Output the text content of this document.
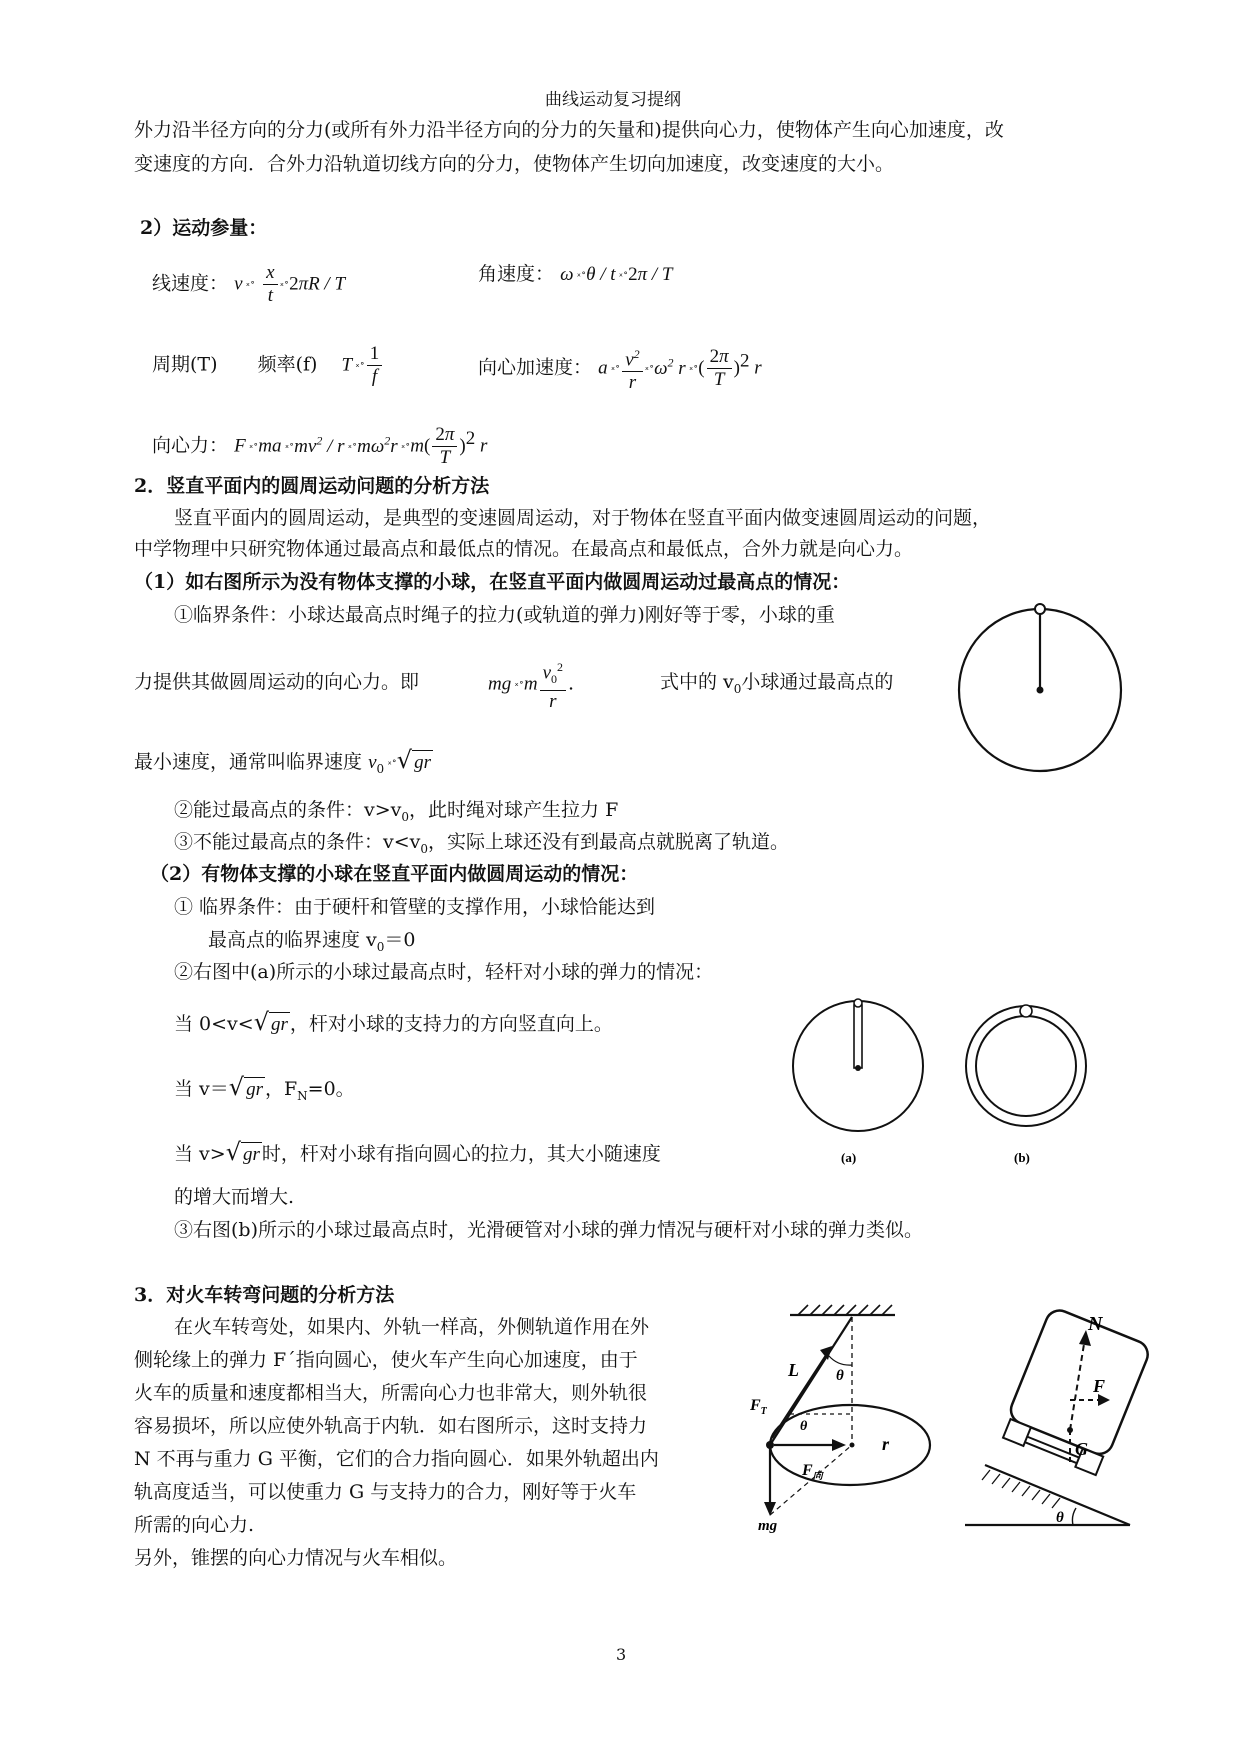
曲线运动复习提纲
外力沿半径方向的分力(或所有外力沿半径方向的分力的矢量和)提供向心力，使物体产生向心加速度，改
变速度的方向．合外力沿轨道切线方向的分力，使物体产生切向加速度，改变速度的大小。
2）运动参量：
线速度： v ˣ˚ $\frac{x}{t}$ ˣ˚2πR / T	角速度： ω ˣ˚θ / t ˣ˚2π / T
周期(T) 频率(f) T ˣ˚ $\frac{1}{f}$	向心加速度： a ˣ˚ $\frac{v^2}{r}$ $ˣ˚\omega^2$ r ˣ˚( $\frac{2\pi}{T} )^2$ r
向心力： F ˣ˚ma $ˣ˚mv^2$ / r $ˣ˚m\omega^2r$ ˣ˚m( $\frac{2\pi}{T} )^2$ r
2．竖直平面内的圆周运动问题的分析方法
竖直平面内的圆周运动，是典型的变速圆周运动，对于物体在竖直平面内做变速圆周运动的问题，
中学物理中只研究物体通过最高点和最低点的情况。在最高点和最低点，合外力就是向心力。
（1）如右图所示为没有物体支撑的小球，在竖直平面内做圆周运动过最高点的情况：
①临界条件：小球达最高点时绳子的拉力(或轨道的弹力)刚好等于零，小球的重
力提供其做圆周运动的向心力。即	mg ˣ˚m $\frac{v_0^2}{r}$ .	式中的 $v_0$小球通过最高点的
最小速度，通常叫临界速度 $v_0$ ˣ˚√ gr
②能过最高点的条件：$v>v_0$，此时绳对球产生拉力 F
③不能过最高点的条件：$v<v_0$，实际上球还没有到最高点就脱离了轨道。
（2）有物体支撑的小球在竖直平面内做圆周运动的情况：
① 临界条件：由于硬杆和管壁的支撑作用，小球恰能达到
最高点的临界速度 $v_0=0$
②右图中(a)所示的小球过最高点时，轻杆对小球的弹力的情况：
当 0<v<√ gr ，杆对小球的支持力的方向竖直向上。
当 v＝√ gr ，$F_N=0$。
当 v>√ gr 时，杆对小球有指向圆心的拉力，其大小随速度
的增大而增大.
③右图(b)所示的小球过最高点时，光滑硬管对小球的弹力情况与硬杆对小球的弹力类似。
3．对火车转弯问题的分析方法
在火车转弯处，如果内、外轨一样高，外侧轨道作用在外
侧轮缘上的弹力 F´指向圆心，使火车产生向心加速度，由于
火车的质量和速度都相当大，所需向心力也非常大，则外轨很
容易损坏，所以应使外轨高于内轨．如右图所示，这时支持力
N 不再与重力 G 平衡，它们的合力指向圆心．如果外轨超出内
轨高度适当，可以使重力 G 与支持力的合力，刚好等于火车
所需的向心力.
另外，锥摆的向心力情况与火车相似。
3
(a)	(b)
L θ
θ
$F_T$
$F_向$
r
mg
N
F
G
θ
